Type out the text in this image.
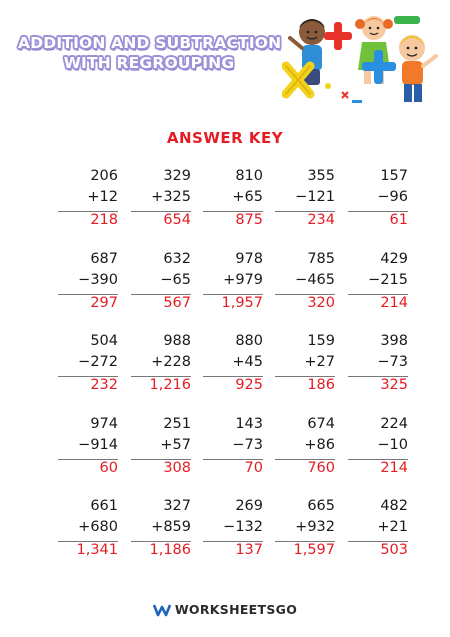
ADDITION AND SUBTRACTION
WITH REGROUPING
ANSWER KEY
206
+12
218
329
+325
654
810
+65
875
355
−121
234
157
−96
61
687
−390
297
632
−65
567
978
+979
1,957
785
−465
320
429
−215
214
504
−272
232
988
+228
1,216
880
+45
925
159
+27
186
398
−73
325
974
−914
60
251
+57
308
143
−73
70
674
+86
760
224
−10
214
661
+680
1,341
327
+859
1,186
269
−132
137
665
+932
1,597
482
+21
503
WORKSHEETSGO
